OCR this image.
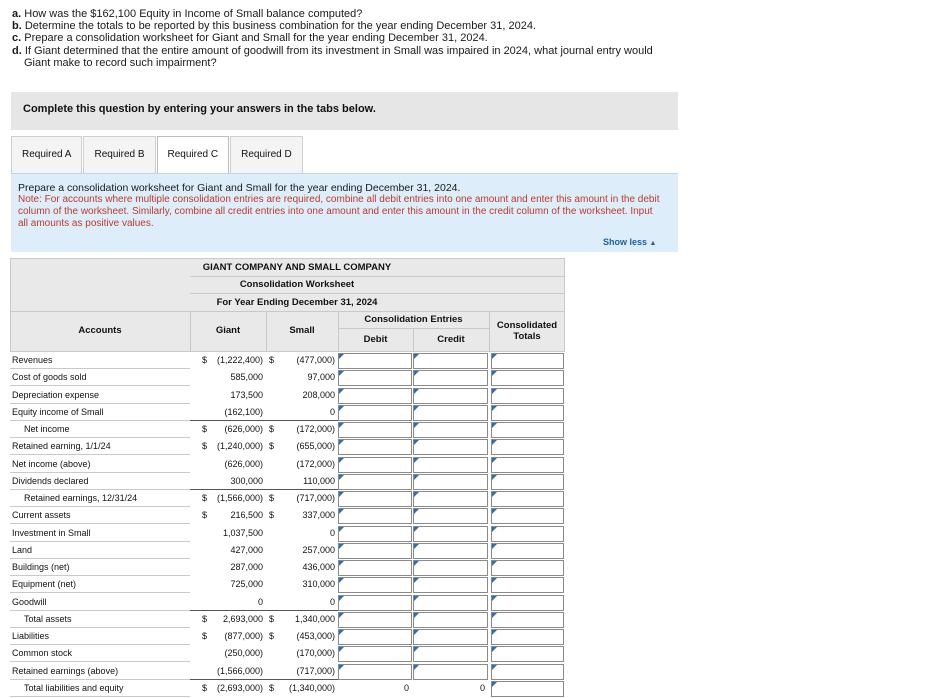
a. How was the $162,100 Equity in Income of Small balance computed?
b. Determine the totals to be reported by this business combination for the year ending December 31, 2024.
c. Prepare a consolidation worksheet for Giant and Small for the year ending December 31, 2024.
d. If Giant determined that the entire amount of goodwill from its investment in Small was impaired in 2024, what journal entry would
Giant make to record such impairment?
Complete this question by entering your answers in the tabs below.
Required A	Required B	Required C	Required D
Prepare a consolidation worksheet for Giant and Small for the year ending December 31, 2024.
Note: For accounts where multiple consolidation entries are required, combine all debit entries into one amount and enter this amount in the debit column of the worksheet. Similarly, combine all credit entries into one amount and enter this amount in the credit column of the worksheet. Input all amounts as positive values.
Show less ▲
GIANT COMPANY AND SMALL COMPANY
Consolidation Worksheet
For Year Ending December 31, 2024
Accounts	Giant	Small
Consolidation Entries
Debit	Credit
Consolidated
Totals
Revenues	$ (1,222,400) $ (477,000)
Cost of goods sold	585,000	97,000
Depreciation expense	173,500	208,000
Equity income of Small	(162,100)	0
Net income	$ (626,000) $ (172,000)
Retained earning, 1/1/24	$ (1,240,000) $ (655,000)
Net income (above)	(626,000)	(172,000)
Dividends declared	300,000	110,000
Retained earnings, 12/31/24	$ (1,566,000) $ (717,000)
Current assets	$	216,500 $	337,000
Investment in Small	1,037,500	0
Land	427,000	257,000
Buildings (net)	287,000	436,000
Equipment (net)	725,000	310,000
Goodwill	0	0
Total assets	$ 2,693,000 $ 1,340,000
Liabilities	$ (877,000) $ (453,000)
Common stock	(250,000)	(170,000)
Retained earnings (above)	(1,566,000)	(717,000)
Total liabilities and equity	$ (2,693,000) $ (1,340,000)	0	0
